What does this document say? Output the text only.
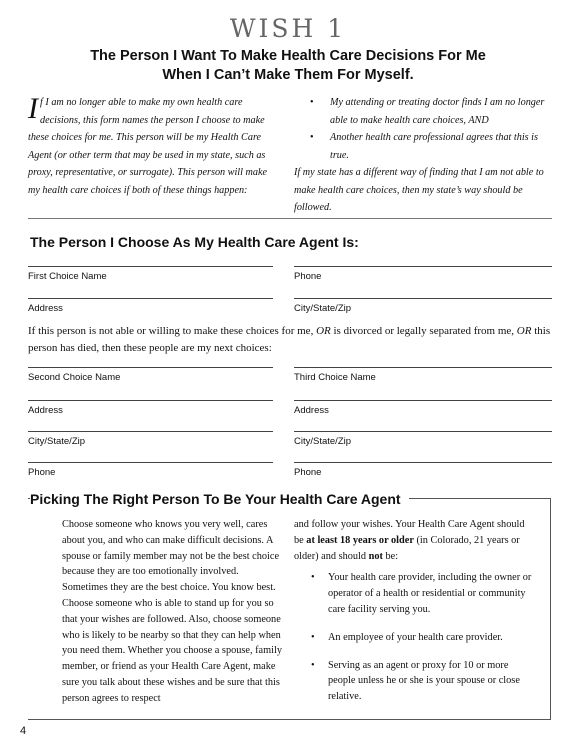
WISH 1
The Person I Want To Make Health Care Decisions For Me
When I Can’t Make Them For Myself.
If I am no longer able to make my own health care decisions, this form names the person I choose to make these choices for me. This person will be my Health Care Agent (or other term that may be used in my state, such as proxy, representative, or surrogate). This person will make my health care choices if both of these things happen:
• My attending or treating doctor finds I am no longer able to make health care choices, AND
• Another health care professional agrees that this is true.
If my state has a different way of finding that I am not able to make health care choices, then my state’s way should be followed.
The Person I Choose As My Health Care Agent Is:
First Choice Name	Phone
Address	City/State/Zip
If this person is not able or willing to make these choices for me, OR is divorced or legally separated from me, OR this person has died, then these people are my next choices:
Second Choice Name	Third Choice Name
Address	Address
City/State/Zip	City/State/Zip
Phone	Phone
Picking The Right Person To Be Your Health Care Agent
Choose someone who knows you very well, cares about you, and who can make difficult decisions. A spouse or family member may not be the best choice because they are too emotionally involved. Sometimes they are the best choice. You know best. Choose someone who is able to stand up for you so that your wishes are followed. Also, choose someone who is likely to be nearby so that they can help when you need them. Whether you choose a spouse, family member, or friend as your Health Care Agent, make sure you talk about these wishes and be sure that this person agrees to respect
and follow your wishes. Your Health Care Agent should be at least 18 years or older (in Colorado, 21 years or older) and should not be:
• Your health care provider, including the owner or operator of a health or residential or community care facility serving you.
• An employee of your health care provider.
• Serving as an agent or proxy for 10 or more people unless he or she is your spouse or close relative.
4
